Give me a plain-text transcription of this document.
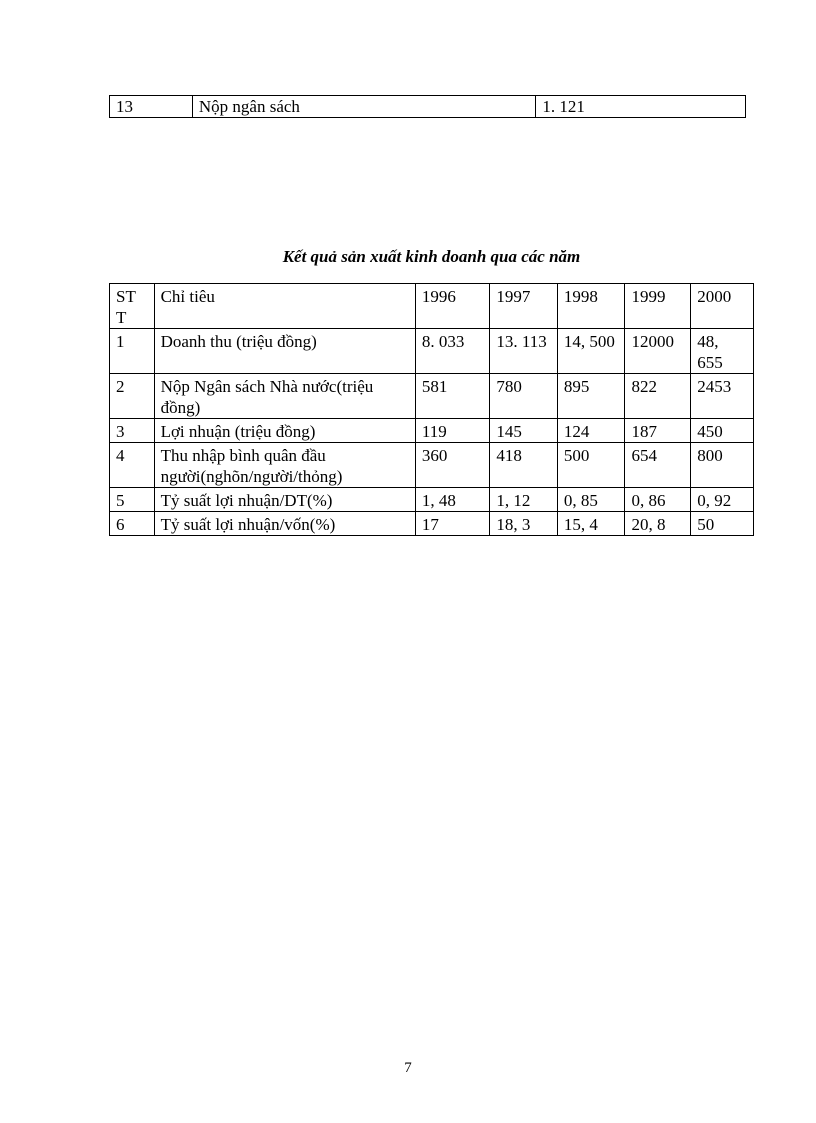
13	Nộp ngân sách	1. 121
Kết quả sản xuất kinh doanh qua các năm
ST T	Chỉ tiêu	1996	1997	1998	1999	2000
1	Doanh thu (triệu đồng)	8. 033	13. 113	14, 500	12000	48, 655
2	Nộp Ngân sách Nhà nước(triệu đồng)	581	780	895	822	2453
3	Lợi nhuận (triệu đồng)	119	145	124	187	450
4	Thu nhập bình quân đầu người(nghõn/người/thỏng)	360	418	500	654	800
5	Tỷ suất lợi nhuận/DT(%)	1, 48	1, 12	0, 85	0, 86	0, 92
6	Tỷ suất lợi nhuận/vốn(%)	17	18, 3	15, 4	20, 8	50
7
